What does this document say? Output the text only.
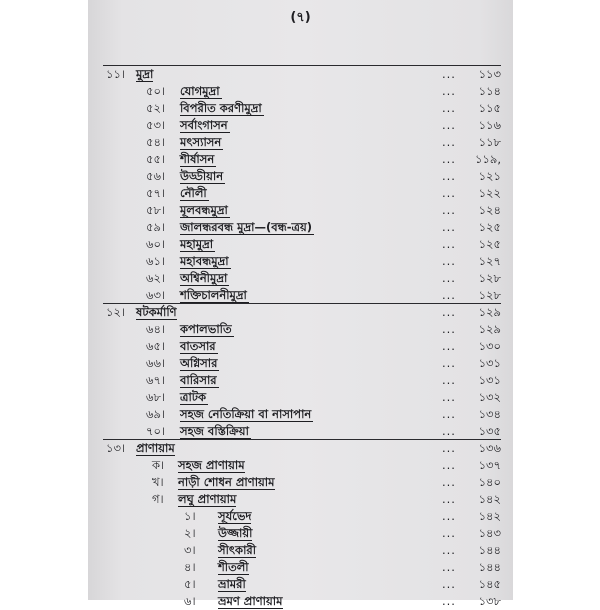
(৭)
১১। মুদ্রা	... ১১৩
৫০। যোগমুদ্রা	... ১১৪
৫২। বিপরীত করণীমুদ্রা	... ১১৫
৫৩। সর্বাংগাসন	... ১১৬
৫৪। মৎস্যাসন	... ১১৮
৫৫। শীর্ষাসন	... ১১৯,
৫৬। উড্ডীয়ান	... ১২১
৫৭। নৌলী	... ১২২
৫৮। মূলবন্ধমুদ্রা	... ১২৪
৫৯। জালন্ধরবন্ধ মুদ্রা—(বন্ধ-ত্রয়)	... ১২৫
৬০। মহামুদ্রা	... ১২৫
৬১। মহাবন্ধমুদ্রা	... ১২৭
৬২। অশ্বিনীমুদ্রা	... ১২৮
৬৩। শক্তিচালনীমুদ্রা	... ১২৮
১২। ষটকর্মাণি	... ১২৯
৬৪। কপালভাতি	... ১২৯
৬৫। বাতসার	... ১৩০
৬৬। অগ্নিসার	... ১৩১
৬৭। বারিসার	... ১৩১
৬৮। ত্রাটক	... ১৩২
৬৯। সহজ নেতিক্রিয়া বা নাসাপান	... ১৩৪
৭০। সহজ বস্তিক্রিয়া	... ১৩৫
১৩। প্রাণায়াম	... ১৩৬
ক। সহজ প্রাণায়াম	... ১৩৭
খ। নাড়ী শোধন প্রাণায়াম	... ১৪০
গ। লঘু প্রাণায়াম	... ১৪২
১। সূর্যভেদ	... ১৪২
২। উজ্জায়ী	... ১৪৩
৩। সীৎকারী	... ১৪৪
৪। শীতলী	... ১৪৪
৫। ভ্রামরী	... ১৪৫
৬। ভ্রমণ প্রাণায়াম	... ১৩৮
